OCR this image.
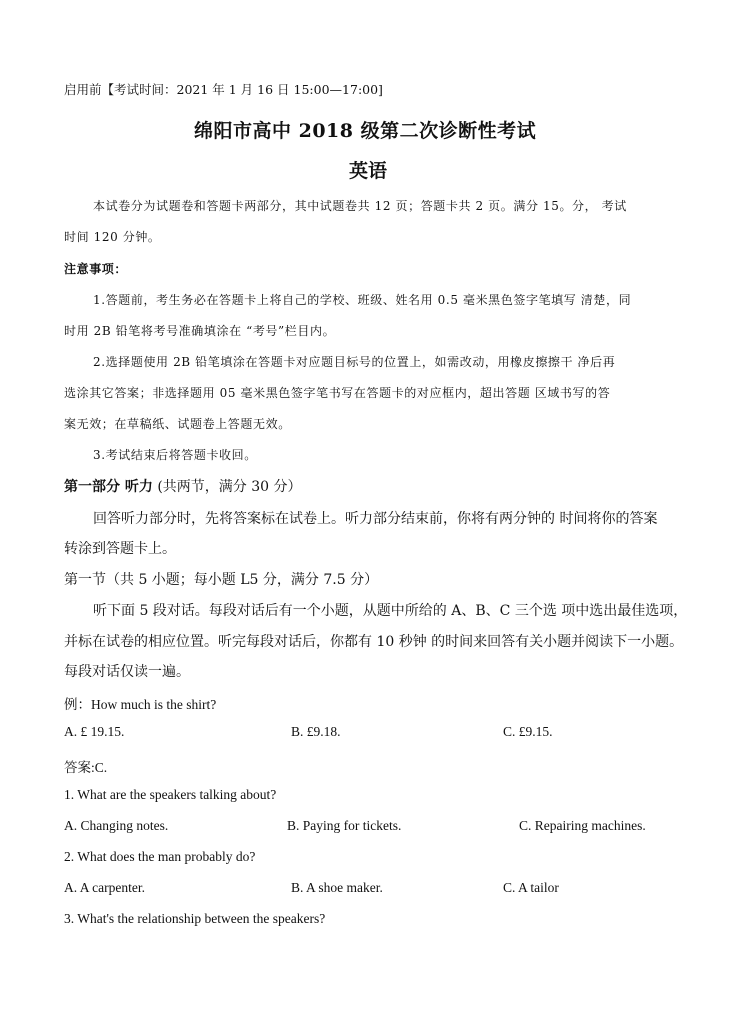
启用前【考试时间：2021 年 1 月 16 日 15:00—17:00]
绵阳市高中 2018 级第二次诊断性考试
英语
本试卷分为试题卷和答题卡两部分，其中试题卷共 12 页；答题卡共 2 页。满分 15。分， 考试
时间 120 分钟。
注意事项：
1.答题前，考生务必在答题卡上将自己的学校、班级、姓名用 0.5 毫米黑色签字笔填写 清楚，同
时用 2B 铅笔将考号准确填涂在 “考号”栏目内。
2.选择题使用 2B 铅笔填涂在答题卡对应题目标号的位置上，如需改动，用橡皮擦擦干 净后再
选涂其它答案；非选择题用 05 毫米黑色签字笔书写在答题卡的对应框内，超出答题 区域书写的答
案无效；在草稿纸、试题卷上答题无效。
3.考试结束后将答题卡收回。
第一部分 听力 (共两节，满分 30 分）
回答听力部分时，先将答案标在试卷上。听力部分结束前，你将有两分钟的 时间将你的答案
转涂到答题卡上。
第一节（共 5 小题；每小题 L5 分，满分 7.5 分）
听下面 5 段对话。每段对话后有一个小题，从题中所给的 A、B、C 三个选 项中选出最佳选项，
并标在试卷的相应位置。听完每段对话后，你都有 10 秒钟 的时间来回答有关小题并阅读下一小题。
每段对话仅读一遍。
例：How much is the shirt?
A. £ 19.15.	B. £9.18.	C. £9.15.
答案:C.
1. What are the speakers talking about?
A. Changing notes.	B. Paying for tickets.	C. Repairing machines.
2. What does the man probably do?
A. A carpenter.	B. A shoe maker.	C. A tailor
3. What's the relationship between the speakers?
